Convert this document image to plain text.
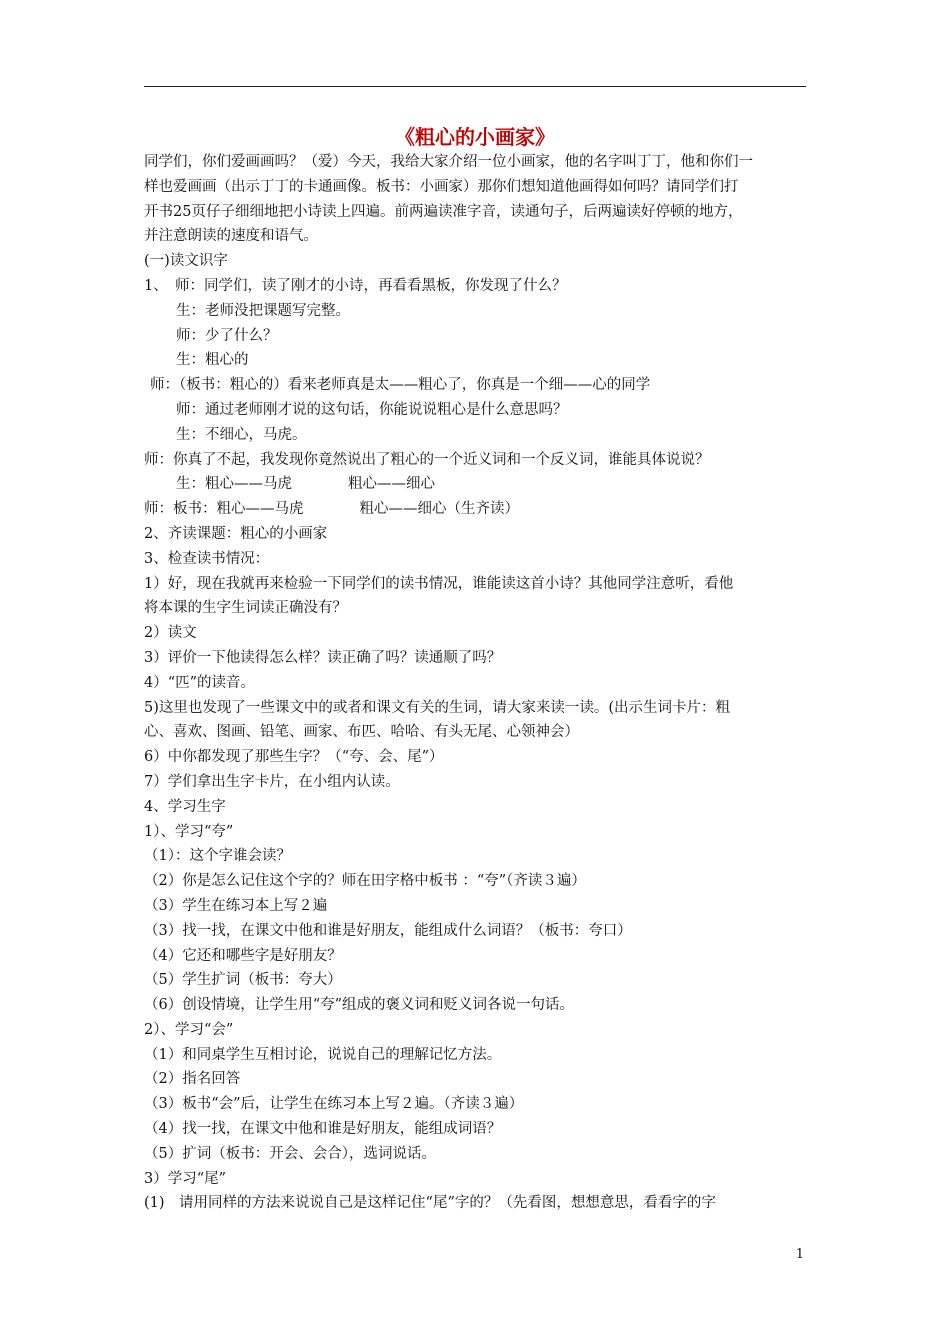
《粗心的小画家》
同学们，你们爱画画吗？（爱）今天，我给大家介绍一位小画家，他的名字叫丁丁，他和你们一
样也爱画画（出示丁丁的卡通画像。板书：小画家）那你们想知道他画得如何吗？请同学们打
开书25页仔子细细地把小诗读上四遍。前两遍读准字音，读通句子，后两遍读好停顿的地方，
并注意朗读的速度和语气。
(一)读文识字
1、　师：同学们，读了刚才的小诗，再看看黑板，你发现了什么？
生：老师没把课题写完整。
师：少了什么？
生：粗心的
师：（板书：粗心的）看来老师真是太——粗心了，你真是一个细——心的同学
师：通过老师刚才说的这句话，你能说说粗心是什么意思吗？
生：不细心，马虎。
师：你真了不起，我发现你竟然说出了粗心的一个近义词和一个反义词，谁能具体说说？
生：粗心——马虎	粗心——细心
师：板书：粗心——马虎	粗心——细心（生齐读）
2、齐读课题：粗心的小画家
3、检查读书情况：
1）好，现在我就再来检验一下同学们的读书情况，谁能读这首小诗？其他同学注意听，看他
将本课的生字生词读正确没有？
2）读文
3）评价一下他读得怎么样？读正确了吗？读通顺了吗？
4）“匹”的读音。
5)这里也发现了一些课文中的或者和课文有关的生词，请大家来读一读。(出示生词卡片：粗
心、喜欢、图画、铅笔、画家、布匹、哈哈、有头无尾、心领神会）
6）中你都发现了那些生字？（“夸、会、尾”）
7）学们拿出生字卡片，在小组内认读。
4、学习生字
1）、学习“夸”
（1）：这个字谁会读？
（2）你是怎么记住这个字的？师在田字格中板书 ：“夸”（齐读３遍）
（3）学生在练习本上写２遍
（3）找一找，在课文中他和谁是好朋友，能组成什么词语？（板书：夸口）
（4）它还和哪些字是好朋友？
（5）学生扩词（板书：夸大）
（6）创设情境，让学生用“夸”组成的褒义词和贬义词各说一句话。
2）、学习“会”
（1）和同桌学生互相讨论，说说自己的理解记忆方法。
（2）指名回答
（3）板书“会”后，让学生在练习本上写２遍。（齐读３遍）
（4）找一找，在课文中他和谁是好朋友，能组成词语？
（5）扩词（板书：开会、会合），选词说话。
3）学习“尾”
(1)　请用同样的方法来说说自己是这样记住“尾”字的？（先看图，想想意思，看看字的字
1
